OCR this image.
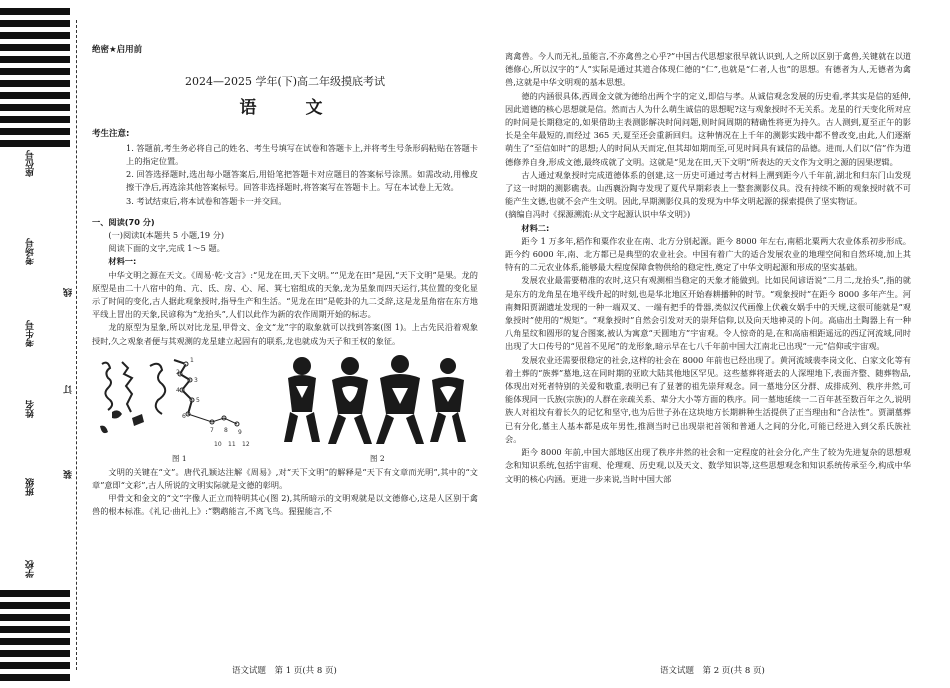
座位号
考场号
考生号
姓名
班级
学校
线
订
装
绝密★启用前
2024—2025 学年(下)高二年级摸底考试
语　文
考生注意:

1. 答题前,考生务必将自己的姓名、考生号填写在试卷和答题卡上,并将考生号条形码粘贴在答题卡上的指定位置。

2. 回答选择题时,选出每小题答案后,用铅笔把答题卡对应题目的答案标号涂黑。如需改动,用橡皮擦干净后,再选涂其他答案标号。回答非选择题时,将答案写在答题卡上。写在本试卷上无效。

3. 考试结束后,将本试卷和答题卡一并交回。

一、阅读(70 分)

(一)阅读Ⅰ(本题共 5 小题,19 分)

阅读下面的文字,完成 1～5 题。

材料一:

中华文明之源在天文。《周易·乾·文言》:“见龙在田,天下文明。”“见龙在田”是因,“天下文明”是果。龙的原型是由二十八宿中的角、亢、氐、房、心、尾、箕七宿组成的天象,龙为星象而四天运行,其位置的变化显示了时间的变化,古人据此观象授时,指导生产和生活。“见龙在田”是乾卦的九二爻辞,这是龙星角宿在东方地平线上冒出的天象,民谚称为“龙抬头”,人们以此作为新的农作周期开始的标志。

龙的原型为星象,所以对比龙星,甲骨文、金文“龙”字的取象就可以找到答案(图 1)。上古先民沿着观象授时,久之观象者便与其观测的龙星建立起固有的联系,龙也就成为天子和王权的象征。

1
2
3
4
5
6
7 8 9
10 11 12
图 1	图 2

文明的关键在“文”。唐代孔颖达注解《周易》,对“天下文明”的解释是“天下有文章而光明”,其中的“文章”意即“文彩”,古人所说的文明实际就是文德的彰明。

甲骨文和金文的“文”字像人正立而特明其心(图 2),其所暗示的文明观就是以文德修心,这是人区别于禽兽的根本标准。《礼记·曲礼上》:“鹦鹉能言,不离飞鸟。猩猩能言,不

离禽兽。今人而无礼,虽能言,不亦禽兽之心乎?”中国古代思想家很早就认识到,人之所以区别于禽兽,关键就在以道德修心,所以汉字的“人”实际是通过其道合体现仁德的“仁”,也就是“仁者,人也”的思想。有德者为人,无德者为禽兽,这就是中华文明观的基本思想。

德的内涵很具体,西周金文就为德给出两个字的定义,即信与孝。从诚信观念发展的历史看,孝其实是信的延伸,因此道德的核心思想就是信。然而古人为什么萌生诚信的思想呢?这与观象授时不无关系。龙星的行天变化所对应的时间是长期稳定的,如果借助主表测影解决时间问题,则时间周期的精确性将更为持久。古人测到,夏至正午的影长是全年最短的,而经过 365 天,夏至还会重新回归。这种情况在上千年的测影实践中都不曾改变,由此,人们逐渐萌生了“至信如时”的思想;人的时间从天而定,但其却如期而至,可见时间具有诚信的品德。进而,人们以“信”作为道德修养自身,形成文德,最终成就了文明。这就是“见龙在田,天下文明”所表达的天文作为文明之源的因果逻辑。

古人通过观象授时完成道德体系的创建,这一历史可通过考古材料上溯到距今八千年前,湖北和归东门山发现了这一时期的测影礁表。山西襄汾陶寺发现了夏代早期彩表上一整套测影仪具。没有持续不断的观象授时就不可能产生文德,也就不会产生文明。因此,早期测影仪具的发现为中华文明起源的探索提供了坚实物证。

(摘编自冯时《探源溯流:从文字起源认识中华文明》)

材料二:

距今 1 万多年,稻作和粟作农业在南、北方分别起源。距今 8000 年左右,南稻北粟两大农业体系初步形成。距今约 6000 年,南、北方都已是典型的农业社会。中国有着广大的适合发展农业的地理空间和自然环境,加上其特有的二元农业体系,能够最大程度保障食物供给的稳定性,奠定了中华文明起源和形成的坚实基础。

发展农业最需要精准的农时,这只有观测相当稳定的天象才能做到。比如民间谚语说“二月二,龙抬头”,指的就是东方的龙角星在地平线升起的时刻,也是华北地区开始春耕播种的时节。“观象授时”在距今 8000 多年产生。河南舞阳贾湖遗址发现的一种一端双叉、一端有把手的骨器,类似汉代画像上伏羲女娲手中的天规,这很可能就是“观象授时”使用的“规矩”。“观象授时”自然会引发对天的崇拜信仰,以及向天地神灵的卜问。高庙出土陶器上有一种八角星纹和圆形的复合图案,被认为寓意“天圆地方”宇宙观。令人惊奇的是,在和高庙相距遥远的西辽河流域,同时出现了大口传号的“见首不见尾”的龙形象,暗示早在七八千年前中国大江南北已出现“一元”信仰或宇宙观。

发展农业还需要很稳定的社会,这样的社会在 8000 年前也已经出现了。黄河流域裴李岗文化、白家文化等有着土葬的“族葬”墓地,这在同时期的亚欧大陆其他地区罕见。这些墓葬将逝去的人深埋地下,表面齐整、随葬物品,体现出对死者特别的关爱和敬重,表明已有了显著的祖先崇拜观念。同一墓地分区分群、成排成列、秩序井然,可能体现同一氏族(宗族)的人群在亲疏关系、辈分大小等方面的秩序。同一墓地延续一二百年甚至数百年之久,说明族人对祖坟有着长久的记忆和坚守,也为后世子孙在这块地方长期耕种生活提供了正当理由和“合法性”。贾湖墓葬已有分化,墓主人基本都是成年男性,推测当时已出现崇祀首领和普通人之间的分化,可能已经进入到父系氏族社会。

距今 8000 年前,中国大部地区出现了秩序井然的社会和一定程度的社会分化,产生了较为先进复杂的思想观念和知识系统,包括宇宙观、伦理观、历史观,以及天文、数学知识等,这些思想观念和知识系统传承至今,构成中华文明的核心内涵。更进一步来说,当时中国大部

语文试题　第 1 页(共 8 页)	语文试题　第 2 页(共 8 页)
